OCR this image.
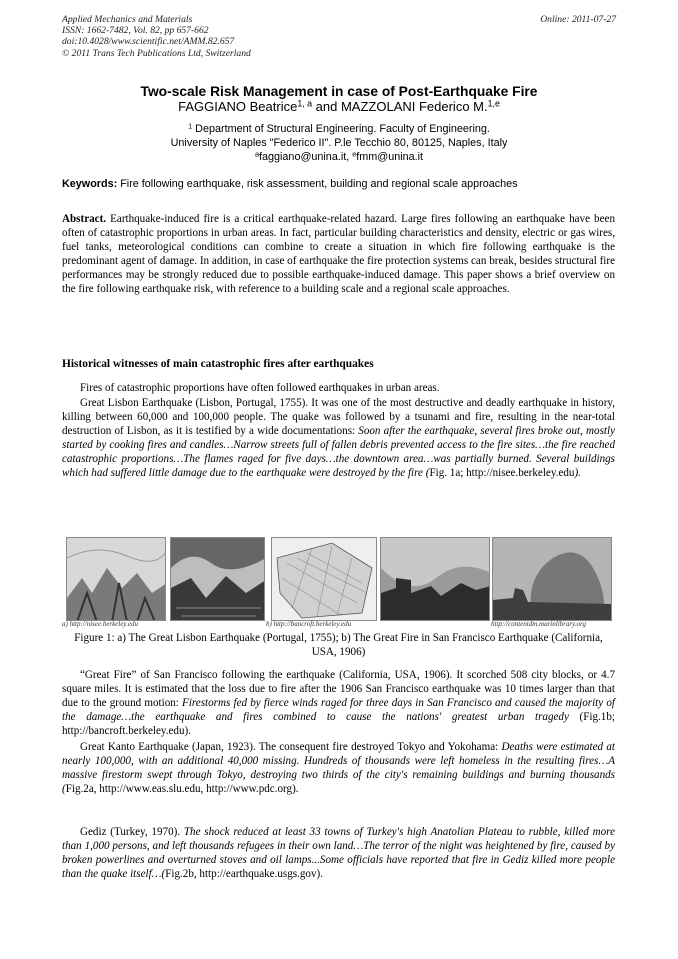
Applied Mechanics and Materials
ISSN: 1662-7482, Vol. 82, pp 657-662
doi:10.4028/www.scientific.net/AMM.82.657
© 2011 Trans Tech Publications Ltd, Switzerland
Online: 2011-07-27
Two-scale Risk Management in case of Post-Earthquake Fire
FAGGIANO Beatrice$^{1, a}$ and MAZZOLANI Federico M.$^{1,e}$
$^1$ Department of Structural Engineering. Faculty of Engineering.
University of Naples "Federico II". P.le Tecchio 80, 80125, Naples, Italy
$^a$faggiano@unina.it, $^e$fmm@unina.it
Keywords: Fire following earthquake, risk assessment, building and regional scale approaches
Abstract. Earthquake-induced fire is a critical earthquake-related hazard. Large fires following an earthquake have been often of catastrophic proportions in urban areas. In fact, particular building characteristics and density, electric or gas wires, fuel tanks, meteorological conditions can combine to create a situation in which fire following earthquake is the predominant agent of damage. In addition, in case of earthquake the fire protection systems can break, besides structural fire performances may be strongly reduced due to possible earthquake-induced damage. This paper shows a brief overview on the fire following earthquake risk, with reference to a building scale and a regional scale approaches.
Historical witnesses of main catastrophic fires after earthquakes
Fires of catastrophic proportions have often followed earthquakes in urban areas.
Great Lisbon Earthquake (Lisbon, Portugal, 1755). It was one of the most destructive and deadly earthquake in history, killing between 60,000 and 100,000 people. The quake was followed by a tsunami and fire, resulting in the near-total destruction of Lisbon, as it is testified by a wide documentations: Soon after the earthquake, several fires broke out, mostly started by cooking fires and candles…Narrow streets full of fallen debris prevented access to the fire sites…the fire reached catastrophic proportions…The flames raged for five days…the downtown area…was partially burned. Several buildings which had suffered little damage due to the earthquake were destroyed by the fire (Fig. 1a; http://nisee.berkeley.edu).
a) http://nisee.berkeley.edu	b) http://bancroft.berkeley.edu	http://contentdm.marinlibrary.org
Figure 1: a) The Great Lisbon Earthquake (Portugal, 1755); b) The Great Fire in San Francisco Earthquake (California, USA, 1906)
“Great Fire” of San Francisco following the earthquake (California, USA, 1906). It scorched 508 city blocks, or 4.7 square miles. It is estimated that the loss due to fire after the 1906 San Francisco earthquake was 10 times larger than that due to the ground motion: Firestorms fed by fierce winds raged for three days in San Francisco and caused the majority of the damage…the earthquake and fires combined to cause the nations' greatest urban tragedy (Fig.1b; http://bancroft.berkeley.edu).
Great Kanto Earthquake (Japan, 1923). The consequent fire destroyed Tokyo and Yokohama: Deaths were estimated at nearly 100,000, with an additional 40,000 missing. Hundreds of thousands were left homeless in the resulting fires…A massive firestorm swept through Tokyo, destroying two thirds of the city's remaining buildings and burning thousands (Fig.2a, http://www.eas.slu.edu, http://www.pdc.org).
Gediz (Turkey, 1970). The shock reduced at least 33 towns of Turkey's high Anatolian Plateau to rubble, killed more than 1,000 persons, and left thousands refugees in their own land…The terror of the night was heightened by fire, caused by broken powerlines and overturned stoves and oil lamps...Some officials have reported that fire in Gediz killed more people than the quake itself…(Fig.2b, http://earthquake.usgs.gov).
